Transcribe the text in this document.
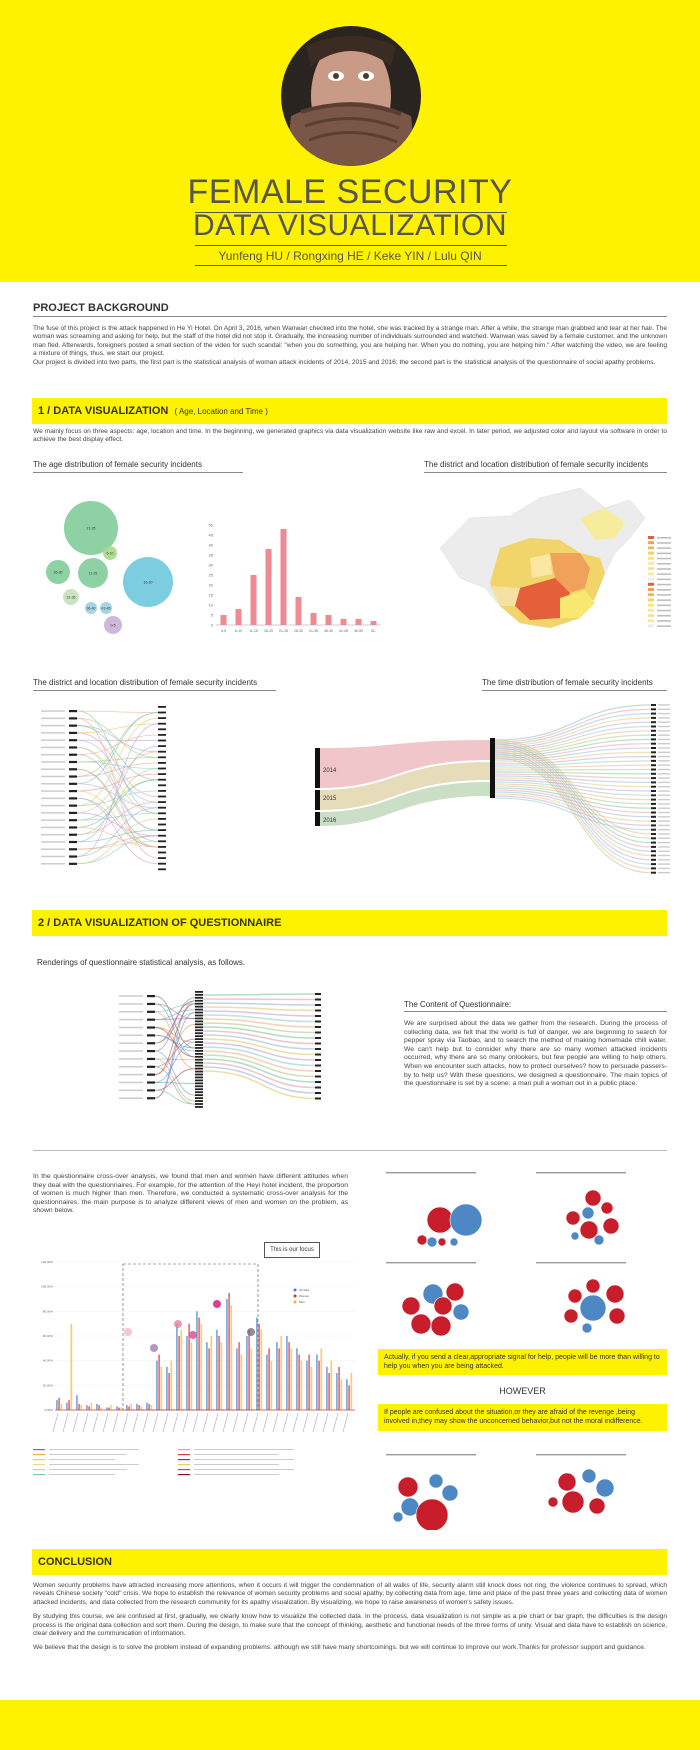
FEMALE SECURITY
DATA VISUALIZATION
Yunfeng HU / Rongxing HE / Keke YIN / Lulu QIN
PROJECT BACKGROUND
The fuse of this project is the attack happened in He Yi Hotel. On April 3, 2016, when Wanwan checked into the hotel, she was tracked by a strange man. After a while, the strange man grabbed and tear at her hair. The woman was screaming and asking for help, but the staff of the hotel did not stop it. Gradually, the increasing number of individuals surrounded and watched. Wanwan was saved by a female customer, and the unknown man fled. Afterwards, foreigners posted a small section of the video for such scandal: "when you do something, you are helping her. When you do nothing, you are helping him." After watching the video, we are feeling a mixture of things, thus, we start our project.
Our project is divided into two parts, the first part is the statistical analysis of woman attack incidents of 2014, 2015 and 2016; the second part is the statistical analysis of the questionnaire of social apathy problems.
1 / DATA VISUALIZATION ( Age, Location and Time )
We mainly focus on three aspects: age, location and time. In the beginning, we generated graphics via data visualization website like raw and excel. In later period, we adjusted color and layout via software in order to achieve the best display effect.
The age distribution of female security incidents	The district and location distribution of female security incidents
21-25
16-20
26-30	11-15
6-10
31-35
36-40 41-45
0-5	0
5
10
15
20
25
30
35
40
45
50
0-5	6-10 11-15 16-20 21-25 26-30 31-35 36-40 41-45 46-50 51-
The district and location distribution of female security incidents	The time distribution of female security incidents
2014
2015
2016
2 / DATA VISUALIZATION OF QUESTIONNAIRE
Renderings of questionnaire statistical analysis, as follows.
The Content of Questionnaire:
We are surprised about the data we gather from the research. During the process of collecting data, we felt that the world is full of danger, we are beginning to search for pepper spray via Taobao, and to search the method of making homemade chili water. We can't help but to consider why there are so many women attacked incidents occurred, why there are so many onlookers, but few people are willing to help others. When we encounter such attacks, how to protect ourselves? how to persuade passers-by to help us? With these questions, we designed a questionnaire. The main topics of the questionnaire is set by a scene: a man pull a woman out in a public place.
In the questionnaire cross-over analysis, we found that men and women have different attitudes when they deal with the questionnaires. For example, for the attention of the Heyi hotel incident, the proportion of women is much higher than men. Therefore, we conducted a systematic cross-over analysis for the questionnaires. the main purpose is to analyze different views of men and women on the problem, as shown below.
0.00%
20.00%
40.00%
60.00%
80.00%
100.00%
120.00%
All data
Women
Men
This is our focus
Actually, if you send a clear,appropriate signal for help, people will be more than willing to help you when you are being attacked.
HOWEVER
If people are confused about the situation,or they are afraid of the revenge ,being involved in,they may show the unconcerned behavior,but not the moral indifference.
CONCLUSION
Women security problems have attracted increasing more attentions, when it occurs it will trigger the condemnation of all walks of life, security alarm still knock does not ring, the violence continues to spread, which reveals Chinese society "cold" crisis. We hope to establish the relevance of women security problems and social apathy, by collecting data from age, time and place of the past three years and collecting data of women attacked incidents, and data collected from the research community for its apathy visualization. By visualizing, we hope to raise awareness of women's safety issues.
By studying this course, we are confused at first, gradually, we clearly know how to visualize the collected data. In the process, data visualization is not simple as a pie chart or bar graph, the difficulties is the design process is the original data collection and sort them. During the design, to make sure that the concept of thinking, aesthetic and functional needs of the three forms of unity. Visual and data have to establish on science, clear delivery and the communication of information.
We believe that the design is to solve the problem instead of expanding problems. although we still have many shortcomings. but we will continue to improve our work.Thanks for professor support and guidance.
